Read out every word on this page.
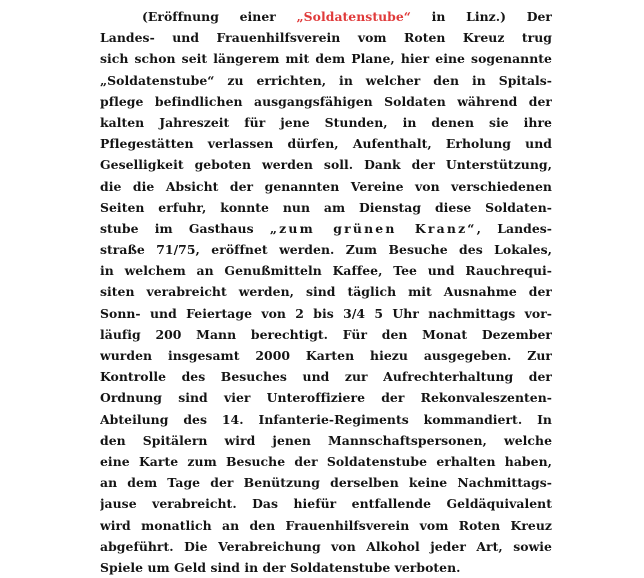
(Eröffnung einer „Soldatenstube“ in Linz.) Der
Landes- und Frauenhilfsverein vom Roten Kreuz trug
sich schon seit längerem mit dem Plane, hier eine sogenannte
„Soldatenstube“ zu errichten, in welcher den in Spitals-
pflege befindlichen ausgangsfähigen Soldaten während der
kalten Jahreszeit für jene Stunden, in denen sie ihre
Pflegestätten verlassen dürfen, Aufenthalt, Erholung und
Geselligkeit geboten werden soll. Dank der Unterstützung,
die die Absicht der genannten Vereine von verschiedenen
Seiten erfuhr, konnte nun am Dienstag diese Soldaten-
stube im Gasthaus „zum grünen Kranz“, Landes-
straße 71/75, eröffnet werden. Zum Besuche des Lokales,
in welchem an Genußmitteln Kaffee, Tee und Rauchrequi-
siten verabreicht werden, sind täglich mit Ausnahme der
Sonn- und Feiertage von 2 bis 3/4 5 Uhr nachmittags vor-
läufig 200 Mann berechtigt. Für den Monat Dezember
wurden insgesamt 2000 Karten hiezu ausgegeben. Zur
Kontrolle des Besuches und zur Aufrechterhaltung der
Ordnung sind vier Unteroffiziere der Rekonvaleszenten-
Abteilung des 14. Infanterie-Regiments kommandiert. In
den Spitälern wird jenen Mannschaftspersonen, welche
eine Karte zum Besuche der Soldatenstube erhalten haben,
an dem Tage der Benützung derselben keine Nachmittags-
jause verabreicht. Das hiefür entfallende Geldäquivalent
wird monatlich an den Frauenhilfsverein vom Roten Kreuz
abgeführt. Die Verabreichung von Alkohol jeder Art, sowie
Spiele um Geld sind in der Soldatenstube verboten.
